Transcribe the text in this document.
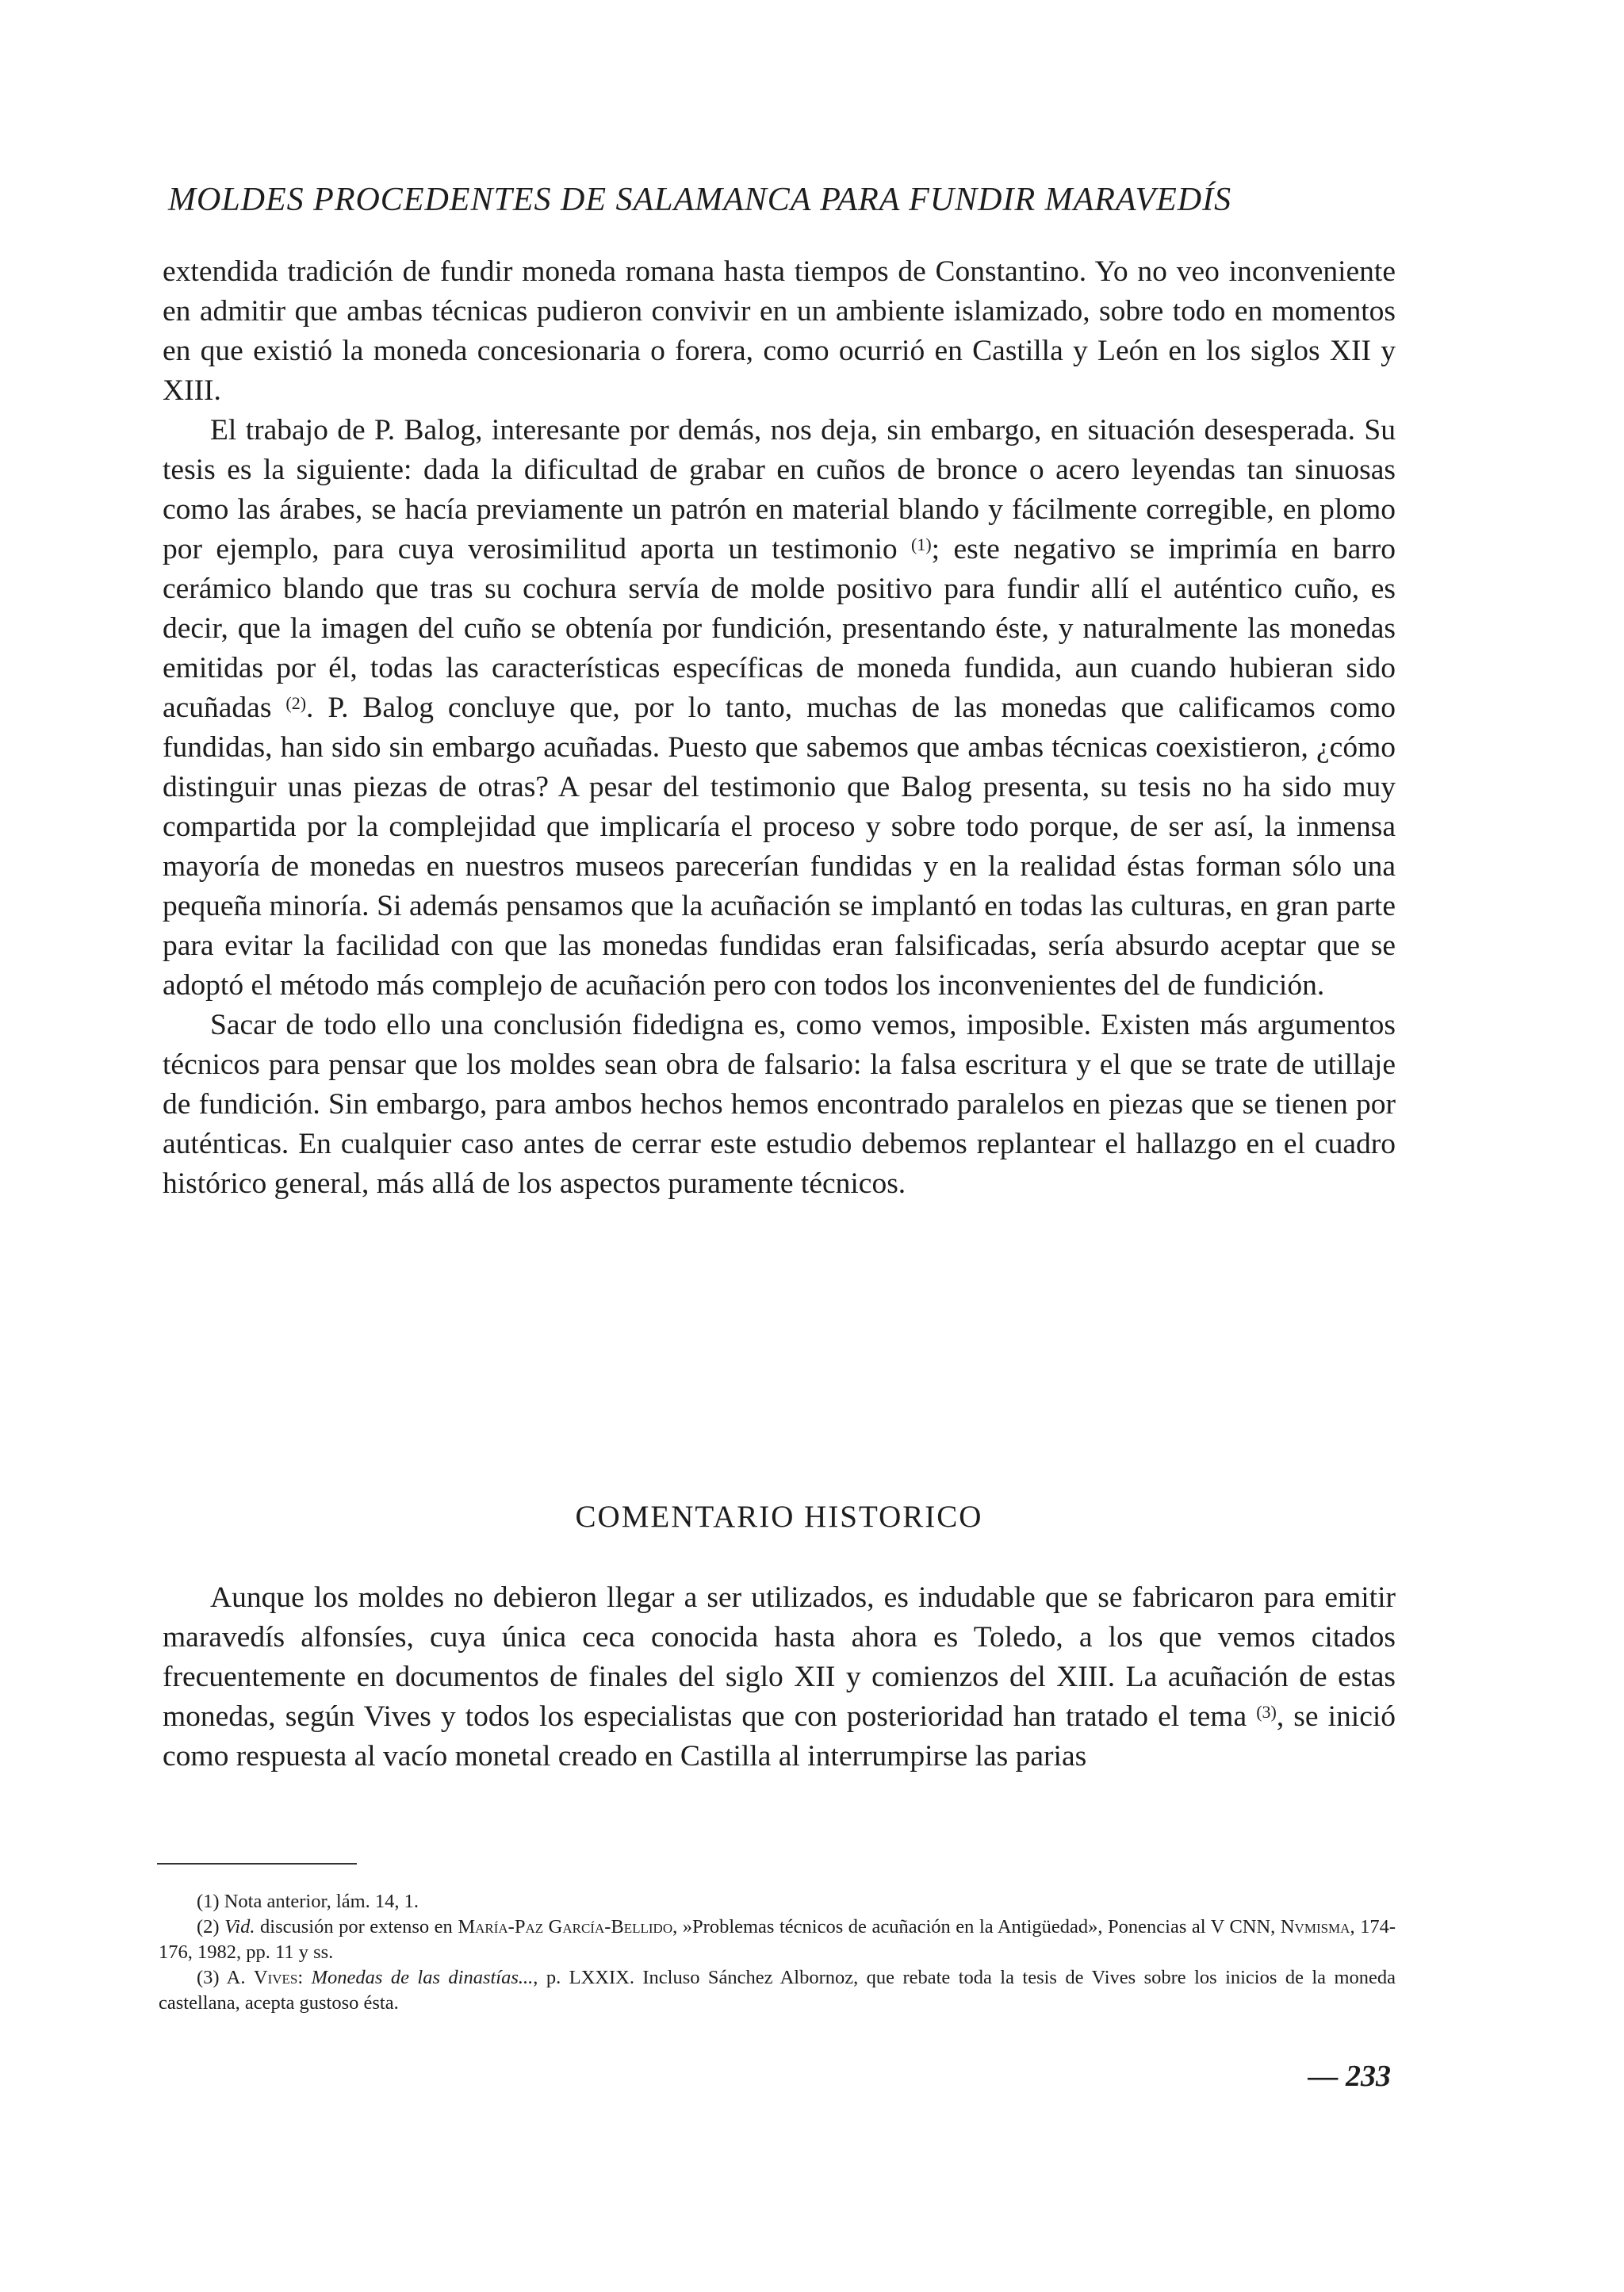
MOLDES PROCEDENTES DE SALAMANCA PARA FUNDIR MARAVEDÍS

extendida tradición de fundir moneda romana hasta tiempos de Constantino. Yo no veo inconveniente en admitir que ambas técnicas pudieron convivir en un ambiente islamizado, sobre todo en momentos en que existió la moneda concesionaria o forera, como ocurrió en Castilla y León en los siglos XII y XIII.

El trabajo de P. Balog, interesante por demás, nos deja, sin embargo, en situación desesperada. Su tesis es la siguiente: dada la dificultad de grabar en cuños de bronce o acero leyendas tan sinuosas como las árabes, se hacía previamente un patrón en material blando y fácilmente corregible, en plomo por ejemplo, para cuya verosimilitud aporta un testimonio $^{(1)}$; este negativo se imprimía en barro cerámico blando que tras su cochura servía de molde positivo para fundir allí el auténtico cuño, es decir, que la imagen del cuño se obtenía por fundición, presentando éste, y naturalmente las monedas emitidas por él, todas las características específicas de moneda fundida, aun cuando hubieran sido acuñadas $^{(2)}$. P. Balog concluye que, por lo tanto, muchas de las monedas que calificamos como fundidas, han sido sin embargo acuñadas. Puesto que sabemos que ambas técnicas coexistieron, ¿cómo distinguir unas piezas de otras? A pesar del testimonio que Balog presenta, su tesis no ha sido muy compartida por la complejidad que implicaría el proceso y sobre todo porque, de ser así, la inmensa mayoría de monedas en nuestros museos parecerían fundidas y en la realidad éstas forman sólo una pequeña minoría. Si además pensamos que la acuñación se implantó en todas las culturas, en gran parte para evitar la facilidad con que las monedas fundidas eran falsificadas, sería absurdo aceptar que se adoptó el método más complejo de acuñación pero con todos los inconvenientes del de fundición.

Sacar de todo ello una conclusión fidedigna es, como vemos, imposible. Existen más argumentos técnicos para pensar que los moldes sean obra de falsario: la falsa escritura y el que se trate de utillaje de fundición. Sin embargo, para ambos hechos hemos encontrado paralelos en piezas que se tienen por auténticas. En cualquier caso antes de cerrar este estudio debemos replantear el hallazgo en el cuadro histórico general, más allá de los aspectos puramente técnicos.

COMENTARIO HISTORICO

Aunque los moldes no debieron llegar a ser utilizados, es indudable que se fabricaron para emitir maravedís alfonsíes, cuya única ceca conocida hasta ahora es Toledo, a los que vemos citados frecuentemente en documentos de finales del siglo XII y comienzos del XIII. La acuñación de estas monedas, según Vives y todos los especialistas que con posterioridad han tratado el tema $^{(3)}$, se inició como respuesta al vacío monetal creado en Castilla al interrumpirse las parias

(1) Nota anterior, lám. 14, 1.

(2) Vid. discusión por extenso en María-Paz García-Bellido, »Problemas técnicos de acuñación en la Antigüedad», Ponencias al V CNN, Nvmisma, 174-176, 1982, pp. 11 y ss.

(3) A. Vives: Monedas de las dinastías..., p. LXXIX. Incluso Sánchez Albornoz, que rebate toda la tesis de Vives sobre los inicios de la moneda castellana, acepta gustoso ésta.

— 233
